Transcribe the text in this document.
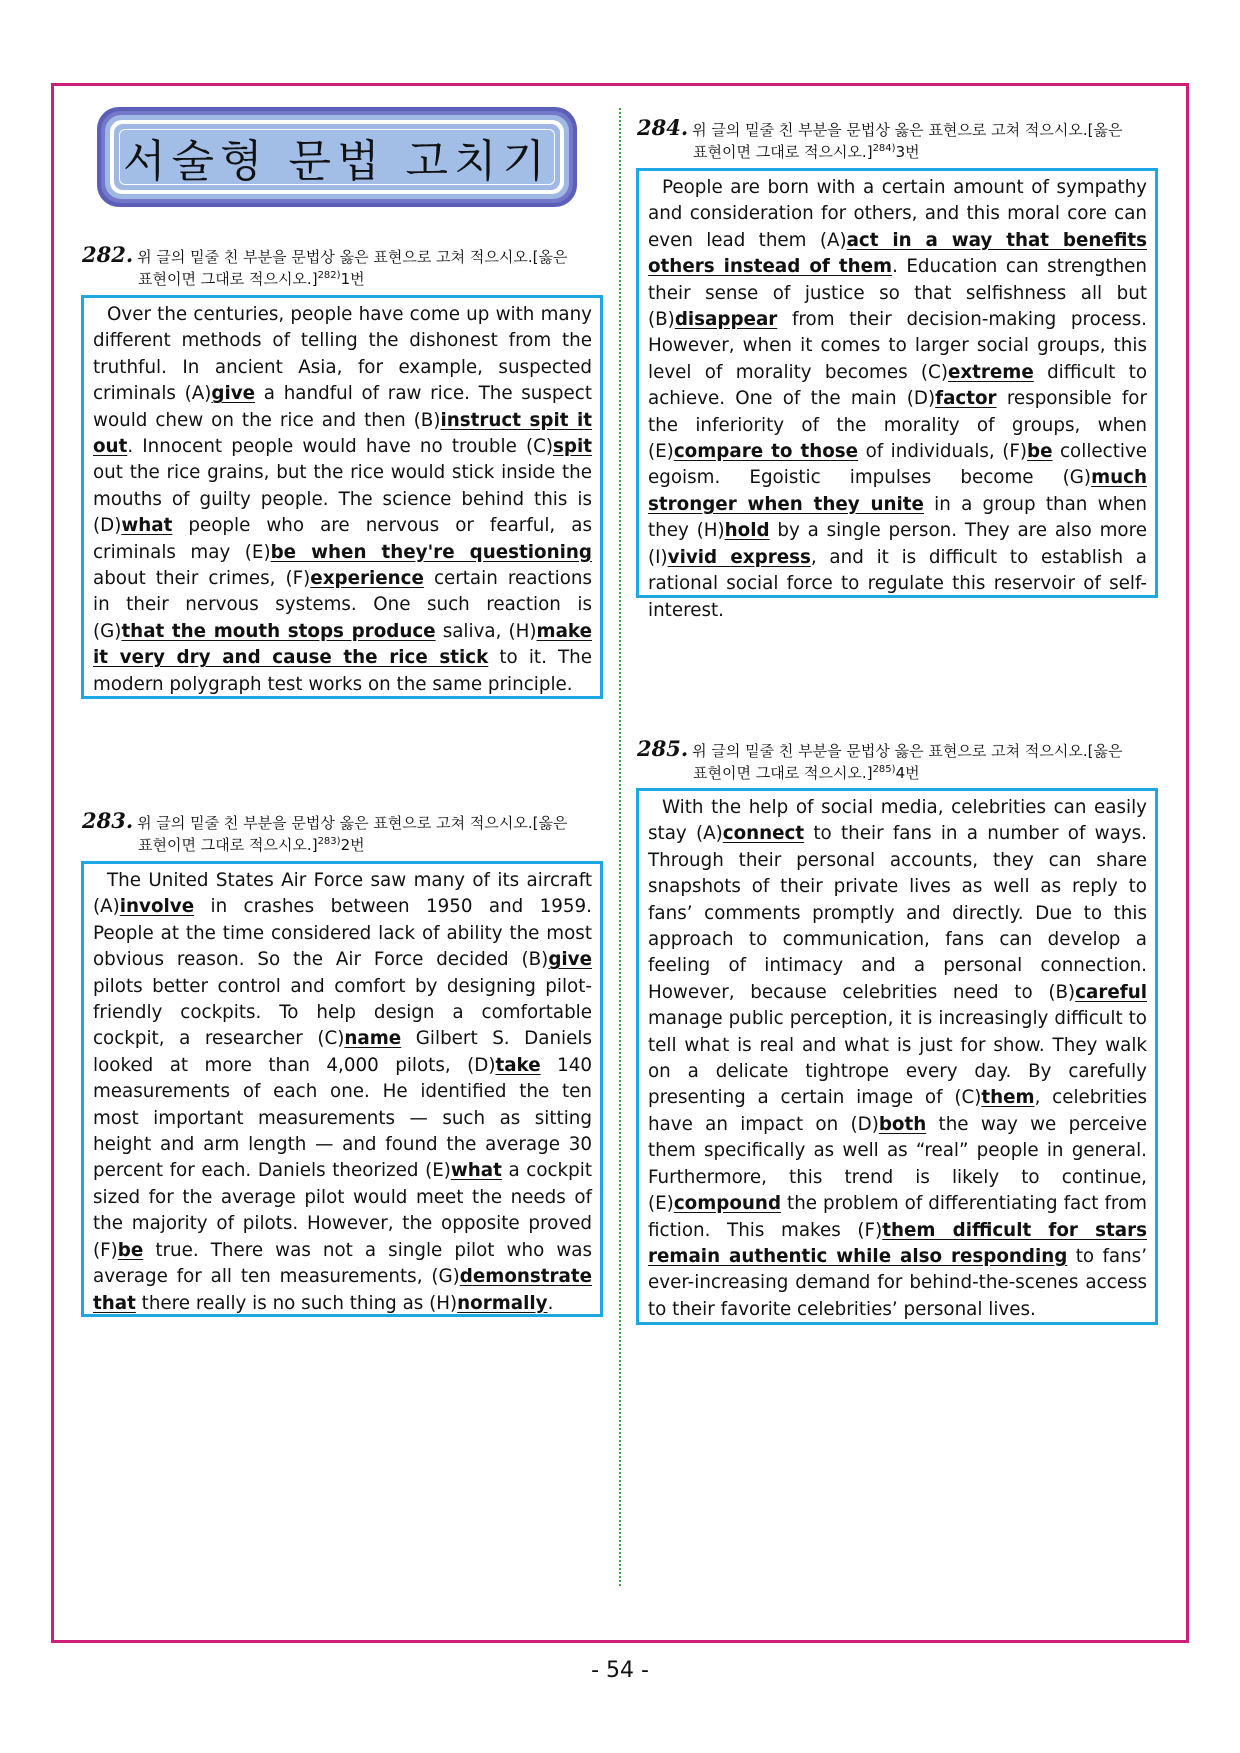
서술형 문법 고치기
282. 위 글의 밑줄 친 부분을 문법상 옳은 표현으로 고쳐 적으시오.[옳은
표현이면 그대로 적으시오.]$^{282)}$1번

Over the centuries, people have come up with many different methods of telling the dishonest from the truthful. In ancient Asia, for example, suspected criminals (A)give a handful of raw rice. The suspect would chew on the rice and then (B)instruct spit it out. Innocent people would have no trouble (C)spit out the rice grains, but the rice would stick inside the mouths of guilty people. The science behind this is (D)what people who are nervous or fearful, as criminals may (E)be when they're questioning about their crimes, (F)experience certain reactions in their nervous systems. One such reaction is (G)that the mouth stops produce saliva, (H)make it very dry and cause the rice stick to it. The modern polygraph test works on the same principle.

283. 위 글의 밑줄 친 부분을 문법상 옳은 표현으로 고쳐 적으시오.[옳은
표현이면 그대로 적으시오.]$^{283)}$2번

The United States Air Force saw many of its aircraft (A)involve in crashes between 1950 and 1959. People at the time considered lack of ability the most obvious reason. So the Air Force decided (B)give pilots better control and comfort by designing pilot-friendly cockpits. To help design a comfortable cockpit, a researcher (C)name Gilbert S. Daniels looked at more than 4,000 pilots, (D)take 140 measurements of each one. He identified the ten most important measurements — such as sitting height and arm length — and found the average 30 percent for each. Daniels theorized (E)what a cockpit sized for the average pilot would meet the needs of the majority of pilots. However, the opposite proved (F)be true. There was not a single pilot who was average for all ten measurements, (G)demonstrate that there really is no such thing as (H)normally.

284. 위 글의 밑줄 친 부분을 문법상 옳은 표현으로 고쳐 적으시오.[옳은
표현이면 그대로 적으시오.]$^{284)}$3번

People are born with a certain amount of sympathy and consideration for others, and this moral core can even lead them (A)act in a way that benefits others instead of them. Education can strengthen their sense of justice so that selfishness all but (B)disappear from their decision-making process. However, when it comes to larger social groups, this level of morality becomes (C)extreme difficult to achieve. One of the main (D)factor responsible for the inferiority of the morality of groups, when (E)compare to those of individuals, (F)be collective egoism. Egoistic impulses become (G)much stronger when they unite in a group than when they (H)hold by a single person. They are also more (I)vivid express, and it is difficult to establish a rational social force to regulate this reservoir of self-interest.

285. 위 글의 밑줄 친 부분을 문법상 옳은 표현으로 고쳐 적으시오.[옳은
표현이면 그대로 적으시오.]$^{285)}$4번

With the help of social media, celebrities can easily stay (A)connect to their fans in a number of ways. Through their personal accounts, they can share snapshots of their private lives as well as reply to fans’ comments promptly and directly. Due to this approach to communication, fans can develop a feeling of intimacy and a personal connection. However, because celebrities need to (B)careful manage public perception, it is increasingly difficult to tell what is real and what is just for show. They walk on a delicate tightrope every day. By carefully presenting a certain image of (C)them, celebrities have an impact on (D)both the way we perceive them specifically as well as “real” people in general. Furthermore, this trend is likely to continue, (E)compound the problem of differentiating fact from fiction. This makes (F)them difficult for stars remain authentic while also responding to fans’ ever-increasing demand for behind-the-scenes access to their favorite celebrities’ personal lives.

- 54 -
